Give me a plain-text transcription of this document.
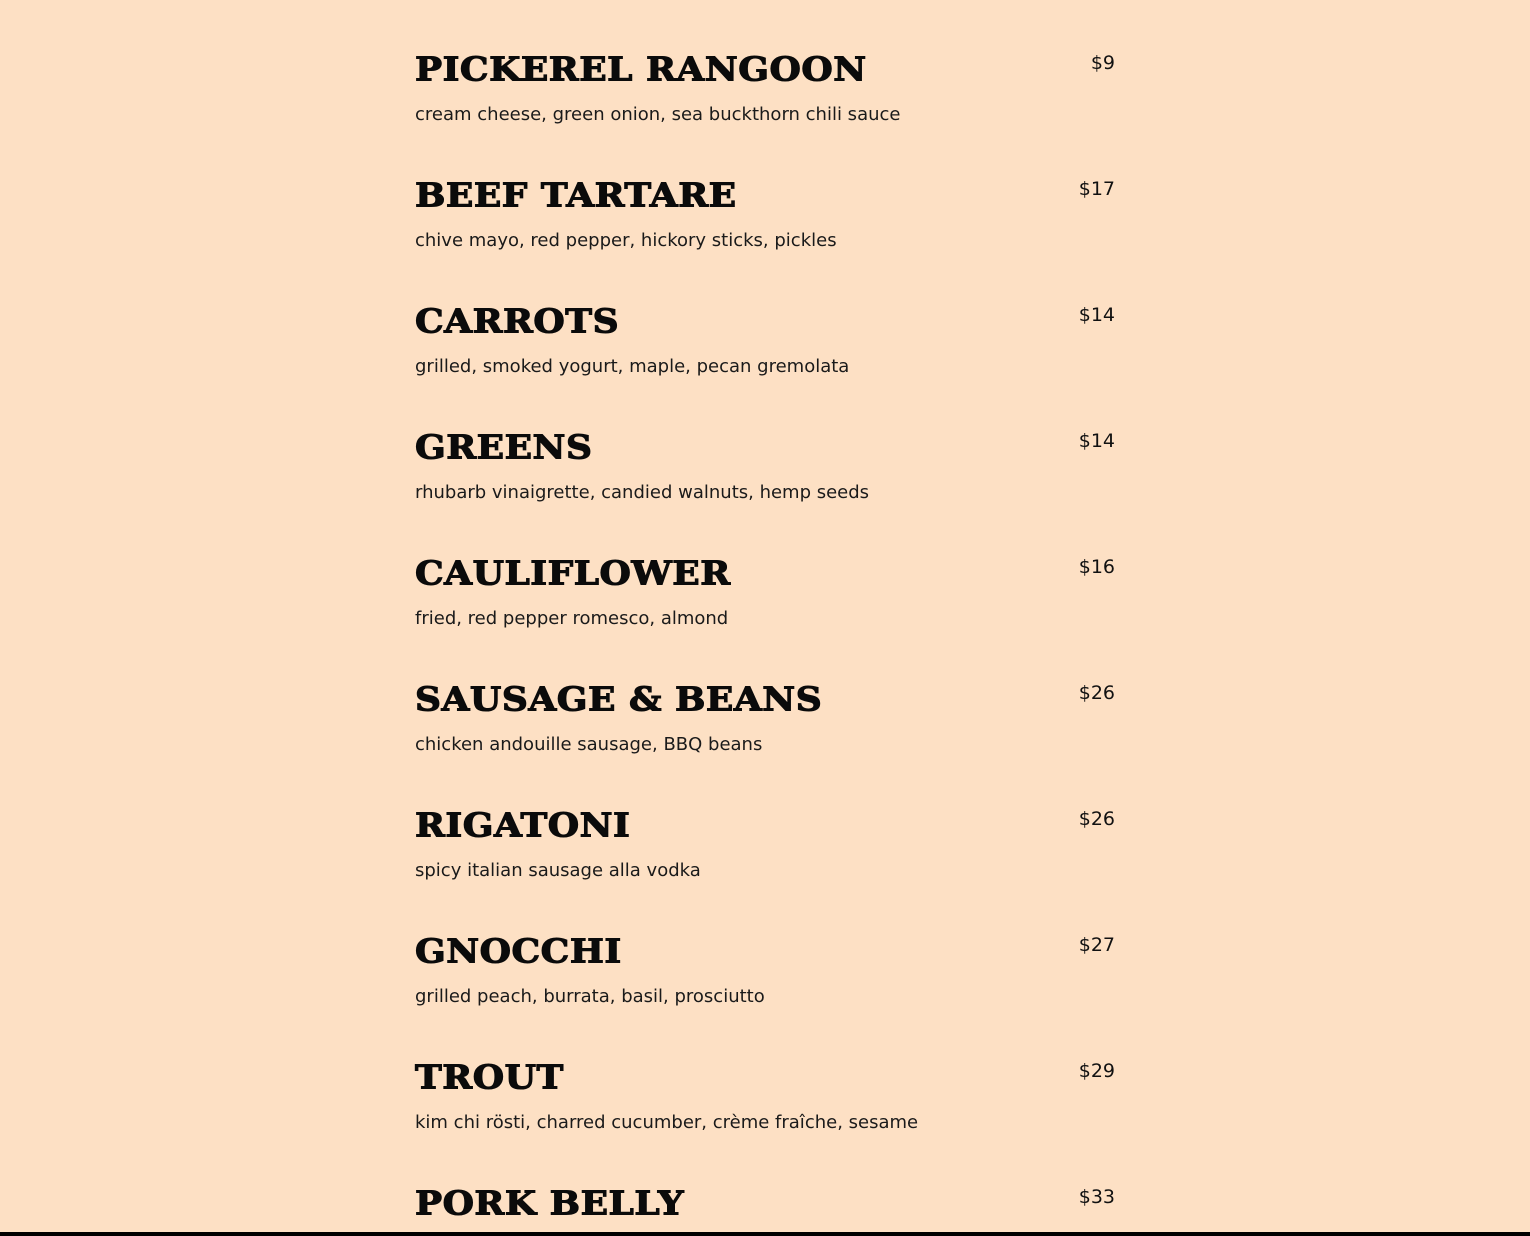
PICKEREL RANGOON	$9

cream cheese, green onion, sea buckthorn chili sauce

BEEF TARTARE	$17

chive mayo, red pepper, hickory sticks, pickles

CARROTS	$14

grilled, smoked yogurt, maple, pecan gremolata

GREENS	$14

rhubarb vinaigrette, candied walnuts, hemp seeds

CAULIFLOWER	$16

fried, red pepper romesco, almond

SAUSAGE & BEANS	$26

chicken andouille sausage, BBQ beans

RIGATONI	$26

spicy italian sausage alla vodka

GNOCCHI	$27

grilled peach, burrata, basil, prosciutto

TROUT	$29

kim chi rösti, charred cucumber, crème fraîche, sesame

PORK BELLY	$33
